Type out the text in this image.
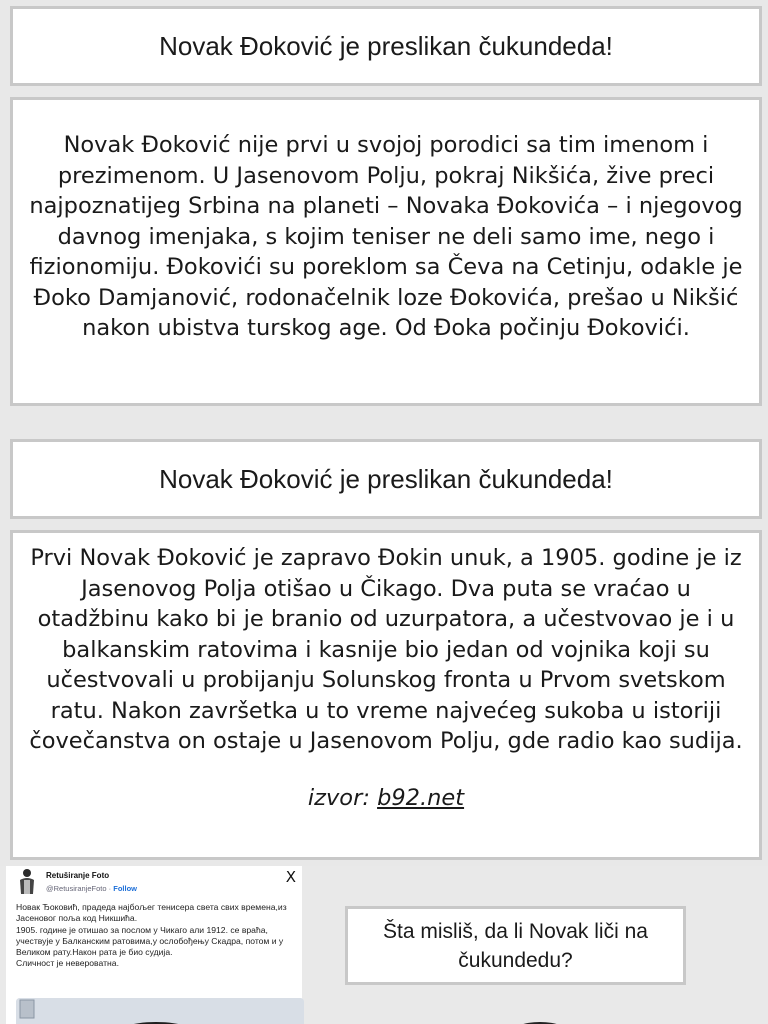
Novak Đoković je preslikan čukundeda!
Novak Đoković nije prvi u svojoj porodici sa tim imenom i prezimenom. U Jasenovom Polju, pokraj Nikšića, žive preci najpoznatijeg Srbina na planeti – Novaka Đokovića – i njegovog davnog imenjaka, s kojim teniser ne deli samo ime, nego i fizionomiju. Đokovići su poreklom sa Čeva na Cetinju, odakle je Đoko Damjanović, rodonačelnik loze Đokovića, prešao u Nikšić nakon ubistva turskog age. Od Đoka počinju Đokovići.
Novak Đoković je preslikan čukundeda!
Prvi Novak Đoković je zapravo Đokin unuk, a 1905. godine je iz Jasenovog Polja otišao u Čikago. Dva puta se vraćao u otadžbinu kako bi je branio od uzurpatora, a učestvovao je i u balkanskim ratovima i kasnije bio jedan od vojnika koji su učestvovali u probijanju Solunskog fronta u Prvom svetskom ratu. Nakon završetka u to vreme najvećeg sukoba u istoriji čovečanstva on ostaje u Jasenovom Polju, gde radio kao sudija.
izvor: b92.net
Retuširanje Foto
@RetusiranjeFoto · Follow
X
Новак Ђоковић, прадеда најбољег тенисера света свих времена,из Јасеновог поља код Никшића.
1905. године је отишао за послом у Чикаго али 1912. се враћа, учествује у Балканским ратовима,у ослобођењу Скадра, потом и у Великом рату.Након рата је био судија.
Сличност је невероватна.
Šta misliš, da li Novak liči na čukundedu?
